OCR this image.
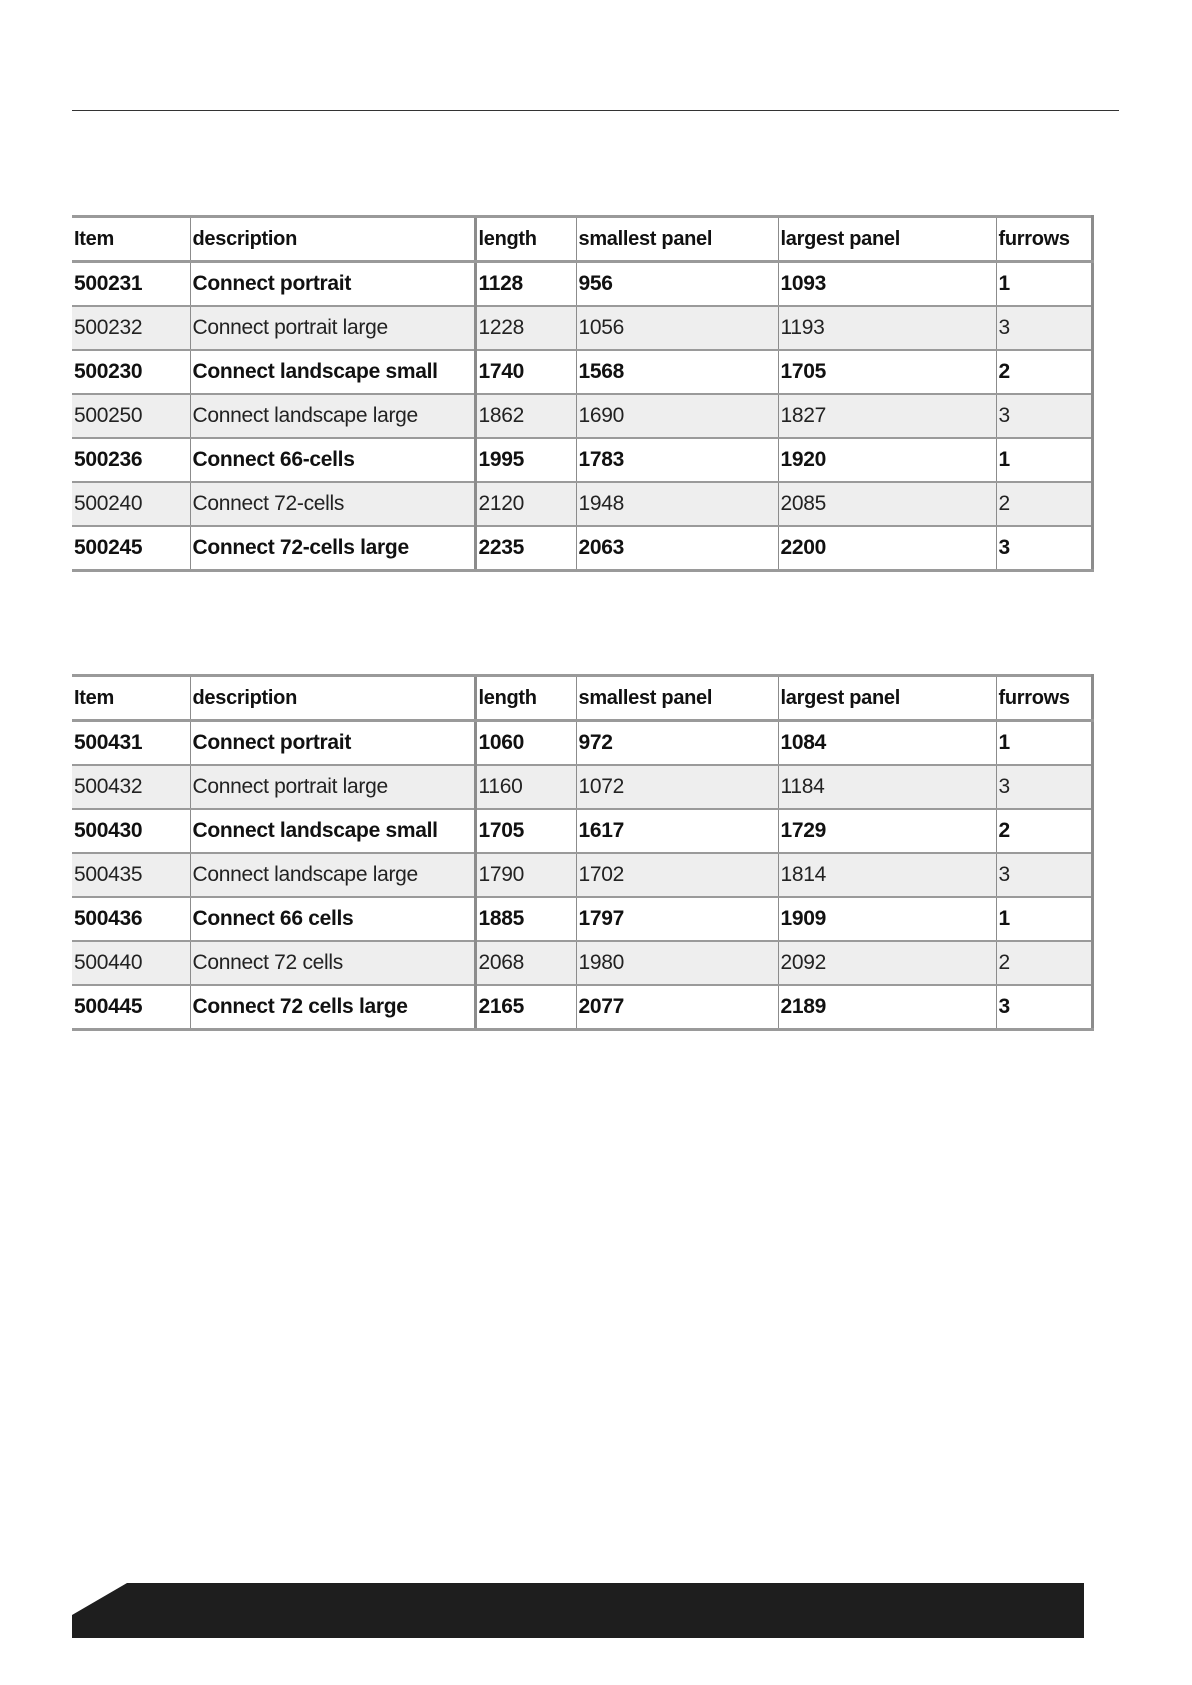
Item	description	length	smallest panel	largest panel	furrows
500231	Connect portrait	1128	956	1093	1
500232	Connect portrait large	1228	1056	1193	3
500230	Connect landscape small	1740	1568	1705	2
500250	Connect landscape large	1862	1690	1827	3
500236	Connect 66-cells	1995	1783	1920	1
500240	Connect 72-cells	2120	1948	2085	2
500245	Connect 72-cells large	2235	2063	2200	3
Item	description	length	smallest panel	largest panel	furrows
500431	Connect portrait	1060	972	1084	1
500432	Connect portrait large	1160	1072	1184	3
500430	Connect landscape small	1705	1617	1729	2
500435	Connect landscape large	1790	1702	1814	3
500436	Connect 66 cells	1885	1797	1909	1
500440	Connect 72 cells	2068	1980	2092	2
500445	Connect 72 cells large	2165	2077	2189	3
